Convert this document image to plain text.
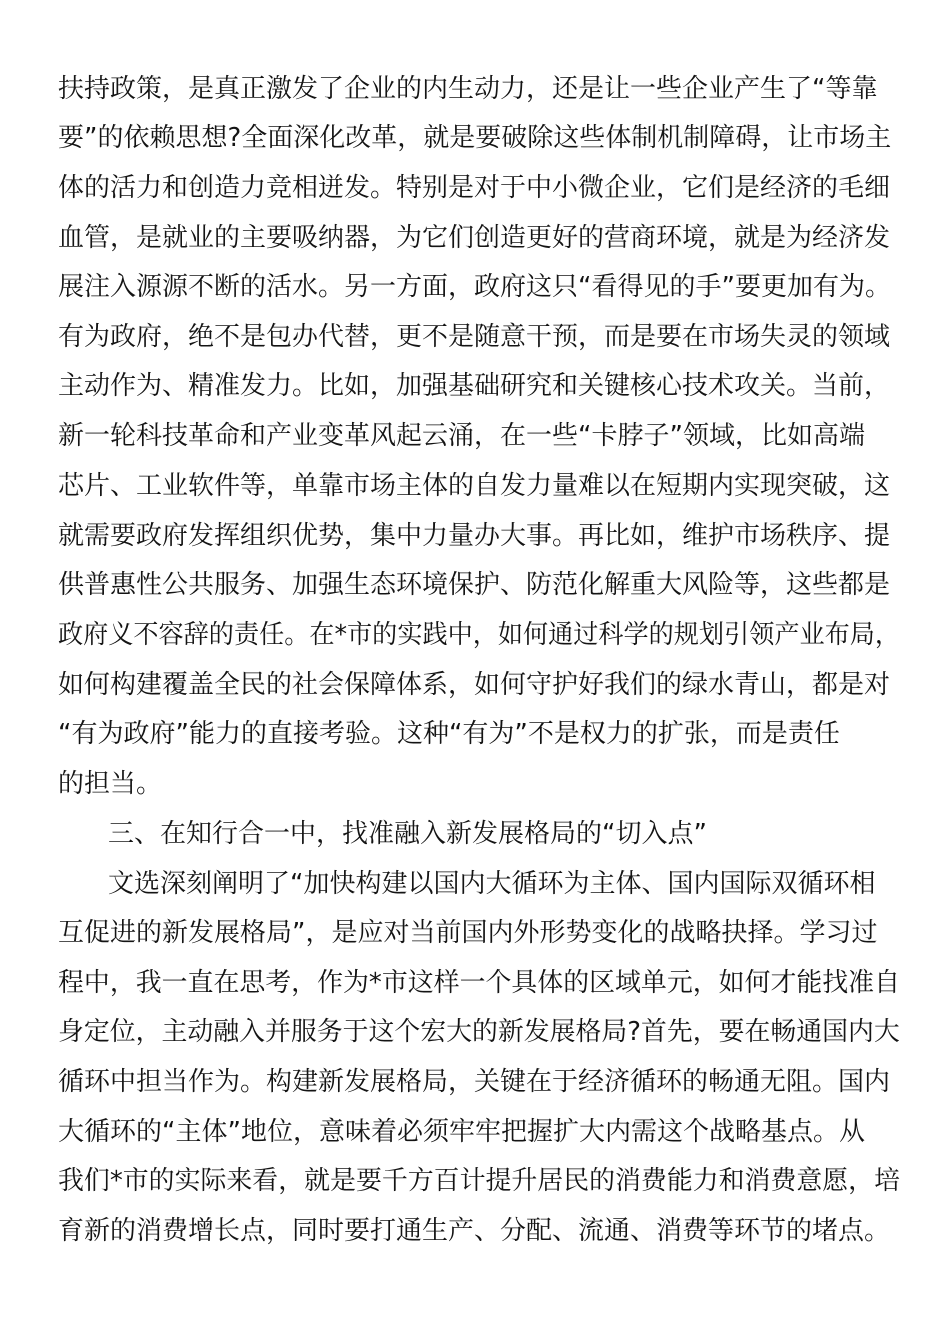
扶持政策，是真正激发了企业的内生动力，还是让一些企业产生了“等靠
要”的依赖思想?全面深化改革，就是要破除这些体制机制障碍，让市场主
体的活力和创造力竞相迸发。特别是对于中小微企业，它们是经济的毛细
血管，是就业的主要吸纳器，为它们创造更好的营商环境，就是为经济发
展注入源源不断的活水。另一方面，政府这只“看得见的手”要更加有为。
有为政府，绝不是包办代替，更不是随意干预，而是要在市场失灵的领域
主动作为、精准发力。比如，加强基础研究和关键核心技术攻关。当前，
新一轮科技革命和产业变革风起云涌，在一些“卡脖子”领域，比如高端
芯片、工业软件等，单靠市场主体的自发力量难以在短期内实现突破，这
就需要政府发挥组织优势，集中力量办大事。再比如，维护市场秩序、提
供普惠性公共服务、加强生态环境保护、防范化解重大风险等，这些都是
政府义不容辞的责任。在*市的实践中，如何通过科学的规划引领产业布局，
如何构建覆盖全民的社会保障体系，如何守护好我们的绿水青山，都是对
“有为政府”能力的直接考验。这种“有为”不是权力的扩张，而是责任
的担当。
三、在知行合一中，找准融入新发展格局的“切入点”
文选深刻阐明了“加快构建以国内大循环为主体、国内国际双循环相
互促进的新发展格局”，是应对当前国内外形势变化的战略抉择。学习过
程中，我一直在思考，作为*市这样一个具体的区域单元，如何才能找准自
身定位，主动融入并服务于这个宏大的新发展格局?首先，要在畅通国内大
循环中担当作为。构建新发展格局，关键在于经济循环的畅通无阻。国内
大循环的“主体”地位，意味着必须牢牢把握扩大内需这个战略基点。从
我们*市的实际来看，就是要千方百计提升居民的消费能力和消费意愿，培
育新的消费增长点，同时要打通生产、分配、流通、消费等环节的堵点。
